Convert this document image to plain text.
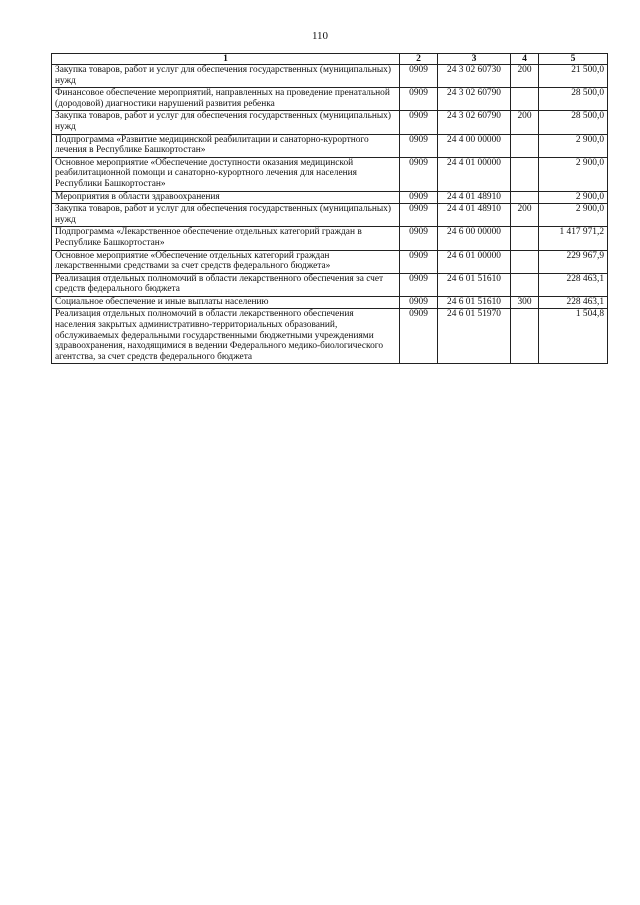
110
1	2	3	4	5
Закупка товаров, работ и услуг для обеспечения государственных (муниципальных) нужд	0909	24 3 02 60730	200	21 500,0
Финансовое обеспечение мероприятий, направленных на проведение пренатальной (дородовой) диагностики нарушений развития ребенка	0909	24 3 02 60790		28 500,0
Закупка товаров, работ и услуг для обеспечения государственных (муниципальных) нужд	0909	24 3 02 60790	200	28 500,0
Подпрограмма «Развитие медицинской реабилитации и санаторно-курортного лечения в Республике Башкортостан»	0909	24 4 00 00000		2 900,0
Основное мероприятие «Обеспечение доступности оказания медицинской реабилитационной помощи и санаторно-курортного лечения для населения Республики Башкортостан»	0909	24 4 01 00000		2 900,0
Мероприятия в области здравоохранения	0909	24 4 01 48910		2 900,0
Закупка товаров, работ и услуг для обеспечения государственных (муниципальных) нужд	0909	24 4 01 48910	200	2 900,0
Подпрограмма «Лекарственное обеспечение отдельных категорий граждан в Республике Башкортостан»	0909	24 6 00 00000		1 417 971,2
Основное мероприятие «Обеспечение отдельных категорий граждан лекарственными средствами за счет средств федерального бюджета»	0909	24 6 01 00000		229 967,9
Реализация отдельных полномочий в области лекарственного обеспечения за счет средств федерального бюджета	0909	24 6 01 51610		228 463,1
Социальное обеспечение и иные выплаты населению	0909	24 6 01 51610	300	228 463,1
Реализация отдельных полномочий в области лекарственного обеспечения населения закрытых административно-территориальных образований, обслуживаемых федеральными государственными бюджетными учреждениями здравоохранения, находящимися в ведении Федерального медико-биологического агентства, за счет средств федерального бюджета	0909	24 6 01 51970		1 504,8
